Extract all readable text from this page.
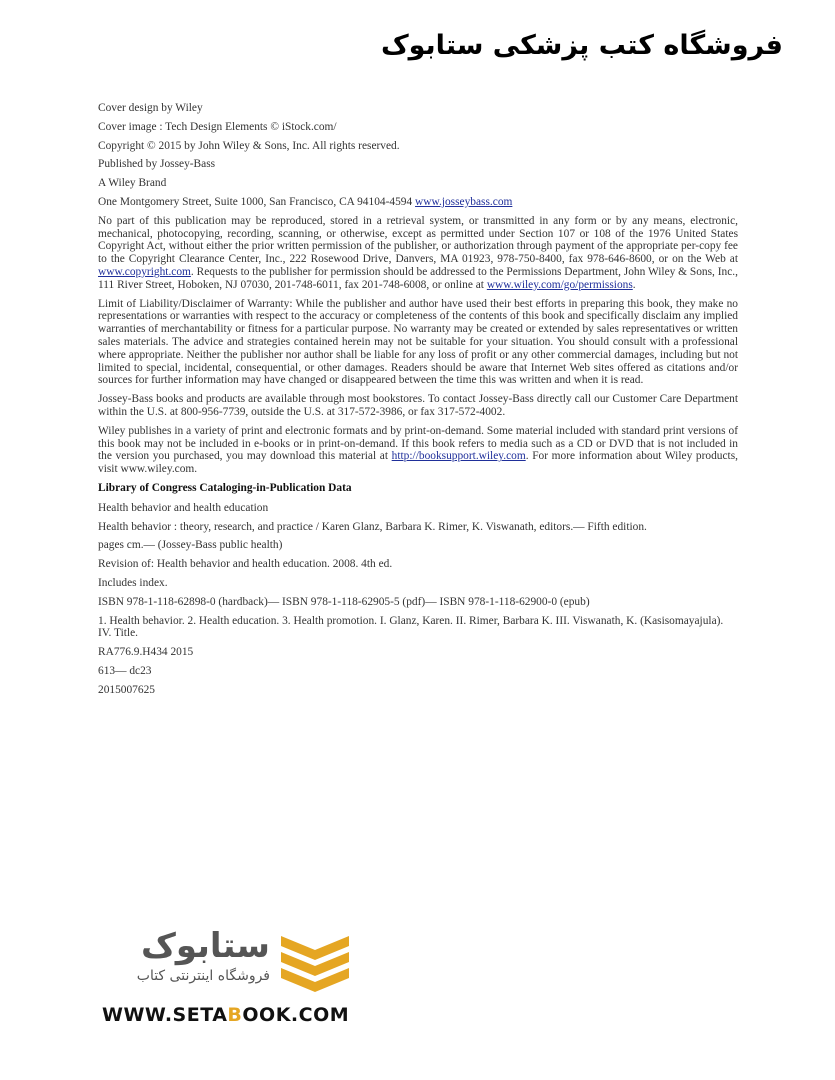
فروشگاه کتب پزشکی ستابوک

Cover design by Wiley

Cover image : Tech Design Elements © iStock.com/

Copyright © 2015 by John Wiley & Sons, Inc. All rights reserved.

Published by Jossey-Bass

A Wiley Brand

One Montgomery Street, Suite 1000, San Francisco, CA 94104-4594 www.josseybass.com

No part of this publication may be reproduced, stored in a retrieval system, or transmitted in any form or by any means, electronic, mechanical, photocopying, recording, scanning, or otherwise, except as permitted under Section 107 or 108 of the 1976 United States Copyright Act, without either the prior written permission of the publisher, or authorization through payment of the appropriate per-copy fee to the Copyright Clearance Center, Inc., 222 Rosewood Drive, Danvers, MA 01923, 978-750-8400, fax 978-646-8600, or on the Web at www.copyright.com. Requests to the publisher for permission should be addressed to the Permissions Department, John Wiley & Sons, Inc., 111 River Street, Hoboken, NJ 07030, 201-748-6011, fax 201-748-6008, or online at www.wiley.com/go/permissions.

Limit of Liability/Disclaimer of Warranty: While the publisher and author have used their best efforts in preparing this book, they make no representations or warranties with respect to the accuracy or completeness of the contents of this book and specifically disclaim any implied warranties of merchantability or fitness for a particular purpose. No warranty may be created or extended by sales representatives or written sales materials. The advice and strategies contained herein may not be suitable for your situation. You should consult with a professional where appropriate. Neither the publisher nor author shall be liable for any loss of profit or any other commercial damages, including but not limited to special, incidental, consequential, or other damages. Readers should be aware that Internet Web sites offered as citations and/or sources for further information may have changed or disappeared between the time this was written and when it is read.

Jossey-Bass books and products are available through most bookstores. To contact Jossey-Bass directly call our Customer Care Department within the U.S. at 800-956-7739, outside the U.S. at 317-572-3986, or fax 317-572-4002.

Wiley publishes in a variety of print and electronic formats and by print-on-demand. Some material included with standard print versions of this book may not be included in e-books or in print-on-demand. If this book refers to media such as a CD or DVD that is not included in the version you purchased, you may download this material at http://booksupport.wiley.com. For more information about Wiley products, visit www.wiley.com.

Library of Congress Cataloging-in-Publication Data

Health behavior and health education

Health behavior : theory, research, and practice / Karen Glanz, Barbara K. Rimer, K. Viswanath, editors.— Fifth edition.

pages cm.— (Jossey-Bass public health)

Revision of: Health behavior and health education. 2008. 4th ed.

Includes index.

ISBN 978-1-118-62898-0 (hardback)— ISBN 978-1-118-62905-5 (pdf)— ISBN 978-1-118-62900-0 (epub)

1. Health behavior. 2. Health education. 3. Health promotion. I. Glanz, Karen. II. Rimer, Barbara K. III. Viswanath, K. (Kasisomayajula). IV. Title.

RA776.9.H434 2015

613— dc23

2015007625

ستابوک
فروشگاه اینترنتی کتاب
WWW.SETABOOK.COM
